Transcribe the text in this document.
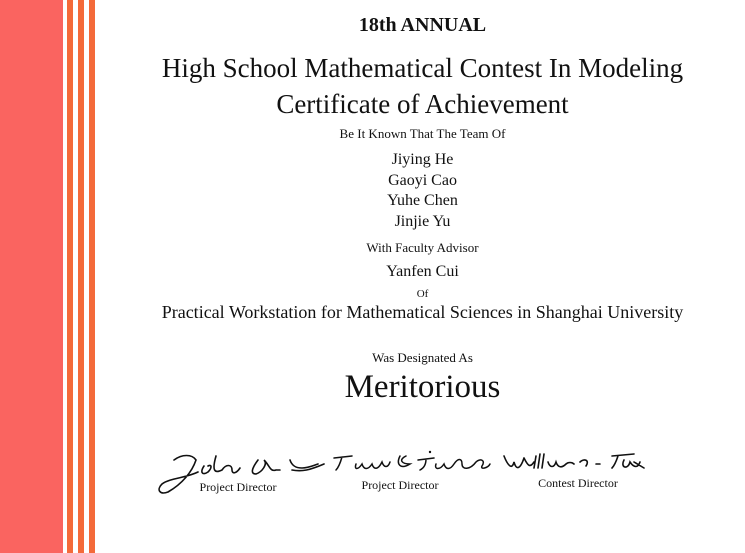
18th ANNUAL
High School Mathematical Contest In Modeling
Certificate of Achievement
Be It Known That The Team Of
Jiying He
Gaoyi Cao
Yuhe Chen
Jinjie Yu
With Faculty Advisor
Yanfen Cui
Of
Practical Workstation for Mathematical Sciences in Shanghai University
Was Designated As
Meritorious
Project Director	Project Director	Contest Director
